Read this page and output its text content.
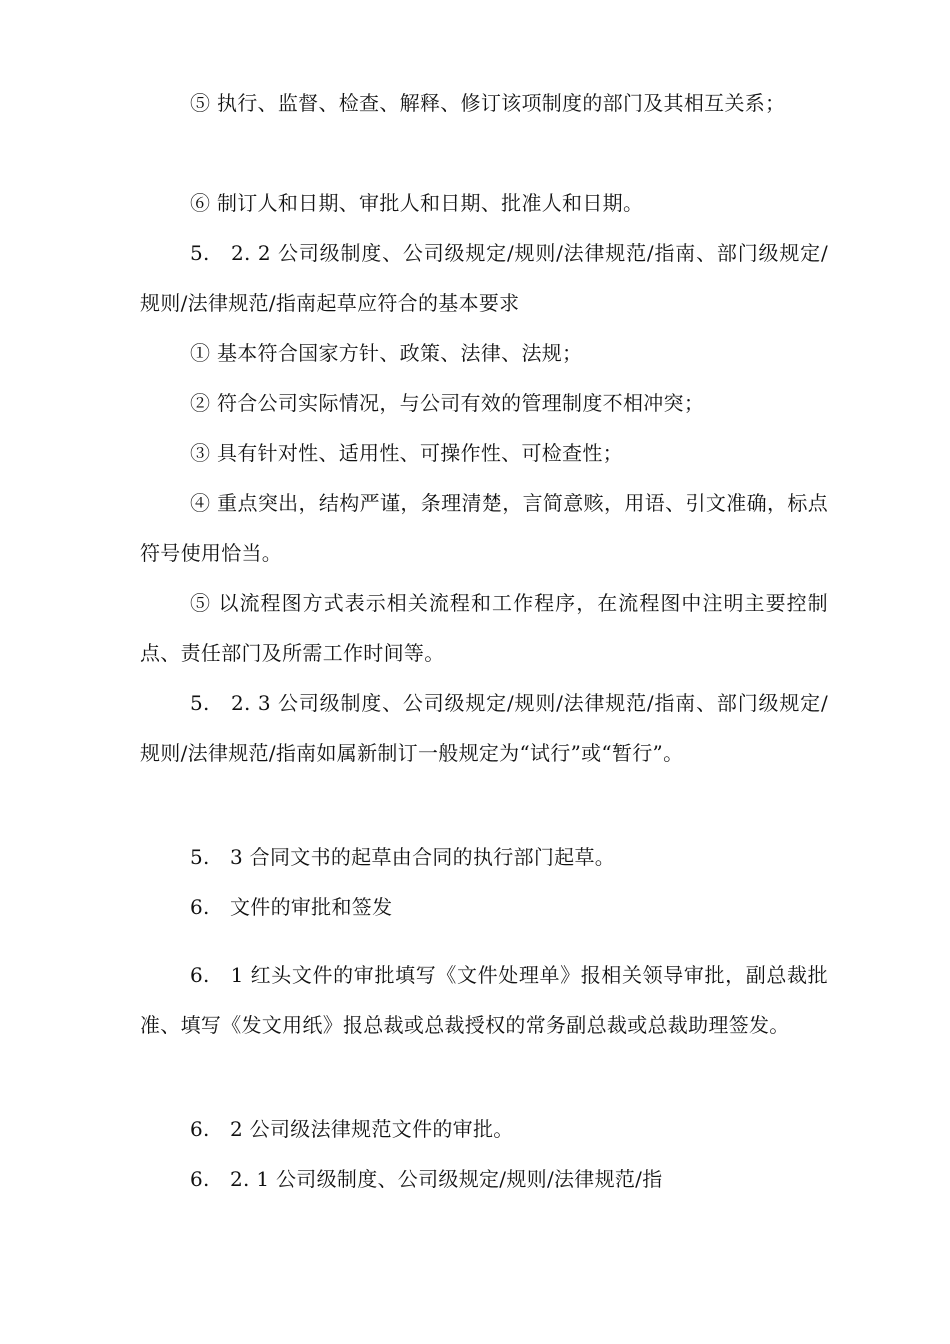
⑤ 执行、监督、检查、解释、修订该项制度的部门及其相互关系；

⑥ 制订人和日期、审批人和日期、批准人和日期。

5.　2. 2 公司级制度、公司级规定/规则/法律规范/指南、部门级规定/规则/法律规范/指南起草应符合的基本要求

① 基本符合国家方针、政策、法律、法规；

② 符合公司实际情况，与公司有效的管理制度不相冲突；

③ 具有针对性、适用性、可操作性、可检查性；

④ 重点突出，结构严谨，条理清楚，言简意赅，用语、引文准确，标点符号使用恰当。

⑤ 以流程图方式表示相关流程和工作程序，在流程图中注明主要控制点、责任部门及所需工作时间等。

5.　2. 3 公司级制度、公司级规定/规则/法律规范/指南、部门级规定/规则/法律规范/指南如属新制订一般规定为“试行”或“暂行”。

5.　3 合同文书的起草由合同的执行部门起草。

6.　文件的审批和签发

6.　1 红头文件的审批填写《文件处理单》报相关领导审批，副总裁批准、填写《发文用纸》报总裁或总裁授权的常务副总裁或总裁助理签发。

6.　2 公司级法律规范文件的审批。

6.　2. 1 公司级制度、公司级规定/规则/法律规范/指
